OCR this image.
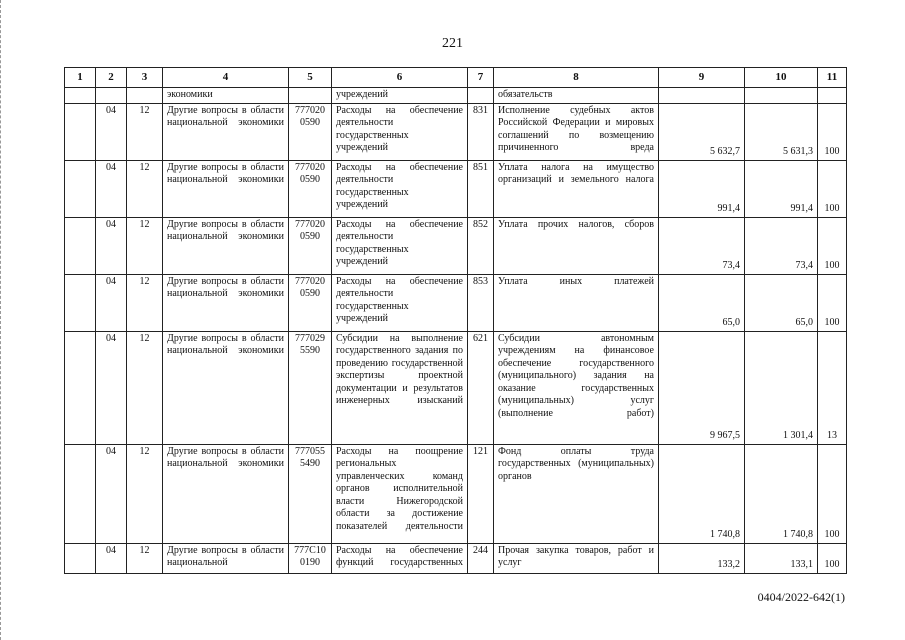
221
1	2	3	4	5	6	7	8	9	10	11
			экономики		учреждений		обязательств			
	04	12	Другие вопросы в области национальной экономики	777020 0590	Расходы на обеспечение деятельности государственных учреждений	831	Исполнение судебных актов Российской Федерации и мировых соглашений по возмещению причиненного вреда	5 632,7	5 631,3	100
	04	12	Другие вопросы в области национальной экономики	777020 0590	Расходы на обеспечение деятельности государственных учреждений	851	Уплата налога на имущество организаций и земельного налога	991,4	991,4	100
	04	12	Другие вопросы в области национальной экономики	777020 0590	Расходы на обеспечение деятельности государственных учреждений	852	Уплата прочих налогов, сборов	73,4	73,4	100
	04	12	Другие вопросы в области национальной экономики	777020 0590	Расходы на обеспечение деятельности государственных учреждений	853	Уплата иных платежей	65,0	65,0	100
	04	12	Другие вопросы в области национальной экономики	777029 5590	Субсидии на выполнение государственного задания по проведению государственной экспертизы проектной документации и результатов инженерных изысканий	621	Субсидии автономным учреждениям на финансовое обеспечение государственного (муниципального) задания на оказание государственных (муниципальных) услуг (выполнение работ)	9 967,5	1 301,4	13
	04	12	Другие вопросы в области национальной экономики	777055 5490	Расходы на поощрение региональных управленческих команд органов исполнительной власти Нижегородской области за достижение показателей деятельности	121	Фонд оплаты труда государственных (муниципальных) органов	1 740,8	1 740,8	100
	04	12	Другие вопросы в области национальной	777С10 0190	Расходы на обеспечение функций государственных	244	Прочая закупка товаров, работ и услуг	133,2	133,1	100
0404/2022-642(1)
